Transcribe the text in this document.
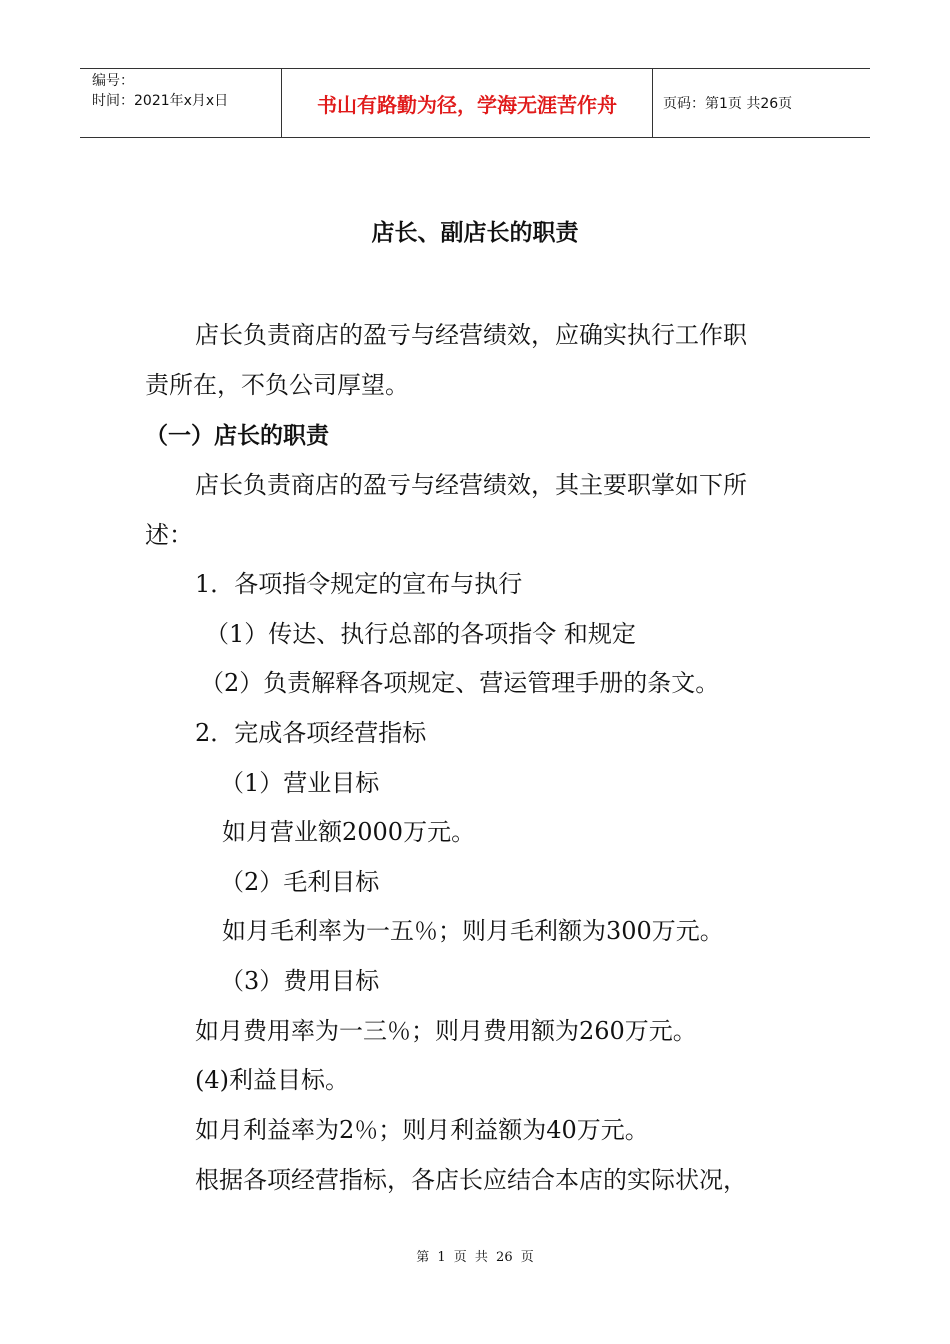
编号：
时间：2021年x月x日	书山有路勤为径，学海无涯苦作舟	页码：第1页 共26页
店长、副店长的职责
店长负责商店的盈亏与经营绩效，应确实执行工作职
责所在，不负公司厚望。
（一）店长的职责
店长负责商店的盈亏与经营绩效，其主要职掌如下所
述：
1．各项指令规定的宣布与执行
（1）传达、执行总部的各项指令 和规定
（2）负责解释各项规定、营运管理手册的条文。
2．完成各项经营指标
（1）营业目标
如月营业额2000万元。
（2）毛利目标
如月毛利率为一五％；则月毛利额为300万元。
（3）费用目标
如月费用率为一三％；则月费用额为260万元。
(4)利益目标。
如月利益率为2％；则月利益额为40万元。
根据各项经营指标，各店长应结合本店的实际状况，
第 1 页 共 26 页
